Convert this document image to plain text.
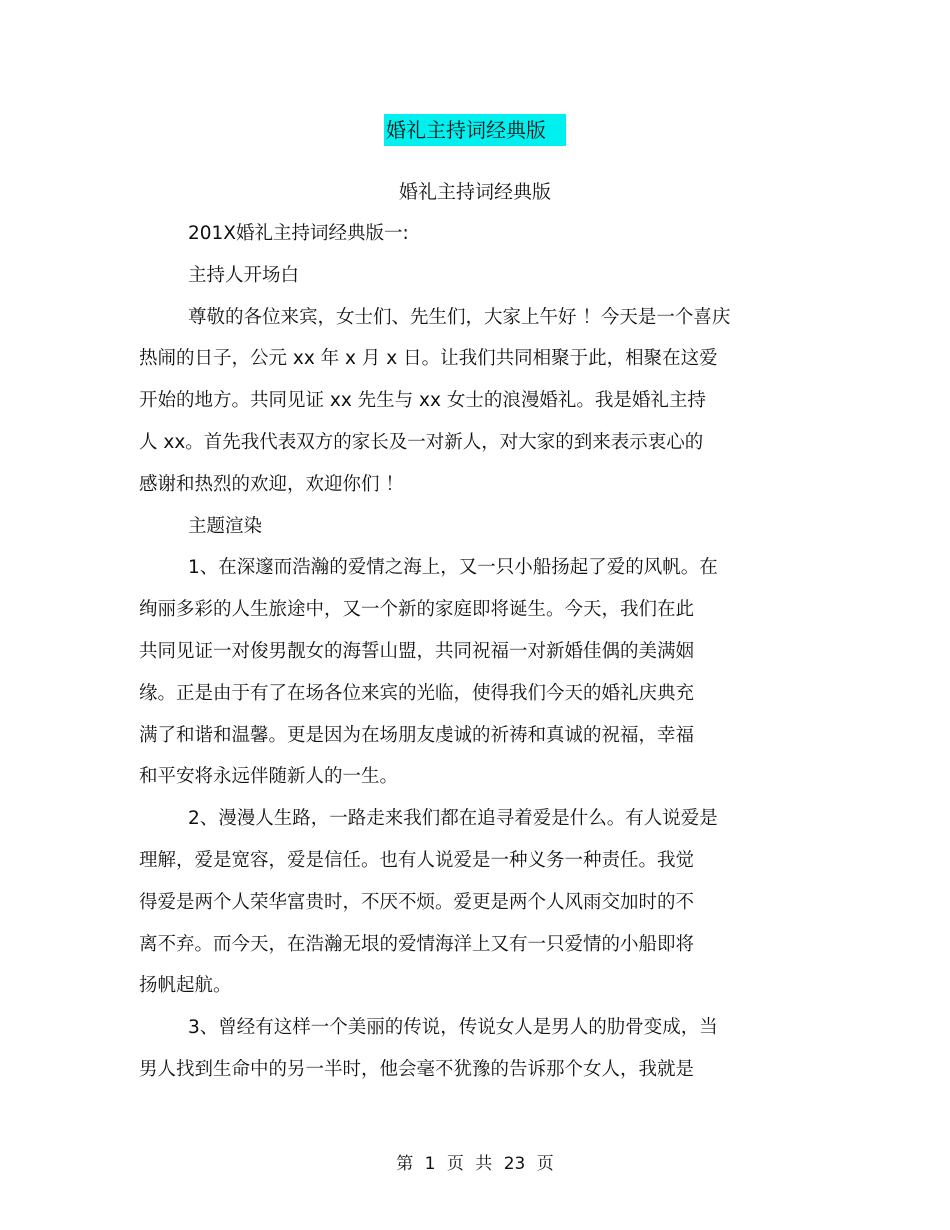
婚礼主持词经典版
婚礼主持词经典版
201X婚礼主持词经典版一:
主持人开场白
尊敬的各位来宾，女士们、先生们，大家上午好 ！今天是一个喜庆
热闹的日子，公元 xx 年 x 月 x 日。让我们共同相聚于此，相聚在这爱
开始的地方。共同见证 xx 先生与 xx 女士的浪漫婚礼。我是婚礼主持
人 xx。首先我代表双方的家长及一对新人，对大家的到来表示衷心的
感谢和热烈的欢迎，欢迎你们 ！
主题渲染
1、在深邃而浩瀚的爱情之海上，又一只小船扬起了爱的风帆。在
绚丽多彩的人生旅途中，又一个新的家庭即将诞生。今天，我们在此
共同见证一对俊男靓女的海誓山盟，共同祝福一对新婚佳偶的美满姻
缘。正是由于有了在场各位来宾的光临，使得我们今天的婚礼庆典充
满了和谐和温馨。更是因为在场朋友虔诚的祈祷和真诚的祝福，幸福
和平安将永远伴随新人的一生。
2、漫漫人生路，一路走来我们都在追寻着爱是什么。有人说爱是
理解，爱是宽容，爱是信任。也有人说爱是一种义务一种责任。我觉
得爱是两个人荣华富贵时，不厌不烦。爱更是两个人风雨交加时的不
离不弃。而今天，在浩瀚无垠的爱情海洋上又有一只爱情的小船即将
扬帆起航。
3、曾经有这样一个美丽的传说，传说女人是男人的肋骨变成，当
男人找到生命中的另一半时，他会毫不犹豫的告诉那个女人，我就是
第 1 页 共 23 页
